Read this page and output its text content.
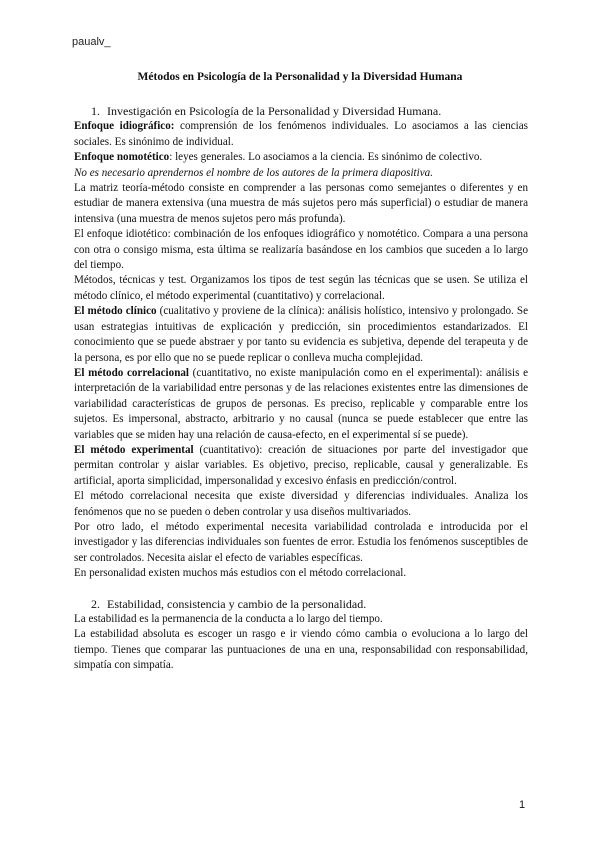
paualv_
Métodos en Psicología de la Personalidad y la Diversidad Humana

1. Investigación en Psicología de la Personalidad y Diversidad Humana.

Enfoque idiográfico: comprensión de los fenómenos individuales. Lo asociamos a las ciencias sociales. Es sinónimo de individual.

Enfoque nomotético: leyes generales. Lo asociamos a la ciencia. Es sinónimo de colectivo.

No es necesario aprendernos el nombre de los autores de la primera diapositiva.

La matriz teoría-método consiste en comprender a las personas como semejantes o diferentes y en estudiar de manera extensiva (una muestra de más sujetos pero más superficial) o estudiar de manera intensiva (una muestra de menos sujetos pero más profunda).

El enfoque idiotético: combinación de los enfoques idiográfico y nomotético. Compara a una persona con otra o consigo misma, esta última se realizaría basándose en los cambios que suceden a lo largo del tiempo.

Métodos, técnicas y test. Organizamos los tipos de test según las técnicas que se usen. Se utiliza el método clínico, el método experimental (cuantitativo) y correlacional.

El método clínico (cualitativo y proviene de la clínica): análisis holístico, intensivo y prolongado. Se usan estrategias intuitivas de explicación y predicción, sin procedimientos estandarizados. El conocimiento que se puede abstraer y por tanto su evidencia es subjetiva, depende del terapeuta y de la persona, es por ello que no se puede replicar o conlleva mucha complejidad.

El método correlacional (cuantitativo, no existe manipulación como en el experimental): análisis e interpretación de la variabilidad entre personas y de las relaciones existentes entre las dimensiones de variabilidad características de grupos de personas. Es preciso, replicable y comparable entre los sujetos. Es impersonal, abstracto, arbitrario y no causal (nunca se puede establecer que entre las variables que se miden hay una relación de causa-efecto, en el experimental sí se puede).

El método experimental (cuantitativo): creación de situaciones por parte del investigador que permitan controlar y aislar variables. Es objetivo, preciso, replicable, causal y generalizable. Es artificial, aporta simplicidad, impersonalidad y excesivo énfasis en predicción/control.

El método correlacional necesita que existe diversidad y diferencias individuales. Analiza los fenómenos que no se pueden o deben controlar y usa diseños multivariados.

Por otro lado, el método experimental necesita variabilidad controlada e introducida por el investigador y las diferencias individuales son fuentes de error. Estudia los fenómenos susceptibles de ser controlados. Necesita aislar el efecto de variables específicas.

En personalidad existen muchos más estudios con el método correlacional.

2. Estabilidad, consistencia y cambio de la personalidad.

La estabilidad es la permanencia de la conducta a lo largo del tiempo.

La estabilidad absoluta es escoger un rasgo e ir viendo cómo cambia o evoluciona a lo largo del tiempo. Tienes que comparar las puntuaciones de una en una, responsabilidad con responsabilidad, simpatía con simpatía.

1
